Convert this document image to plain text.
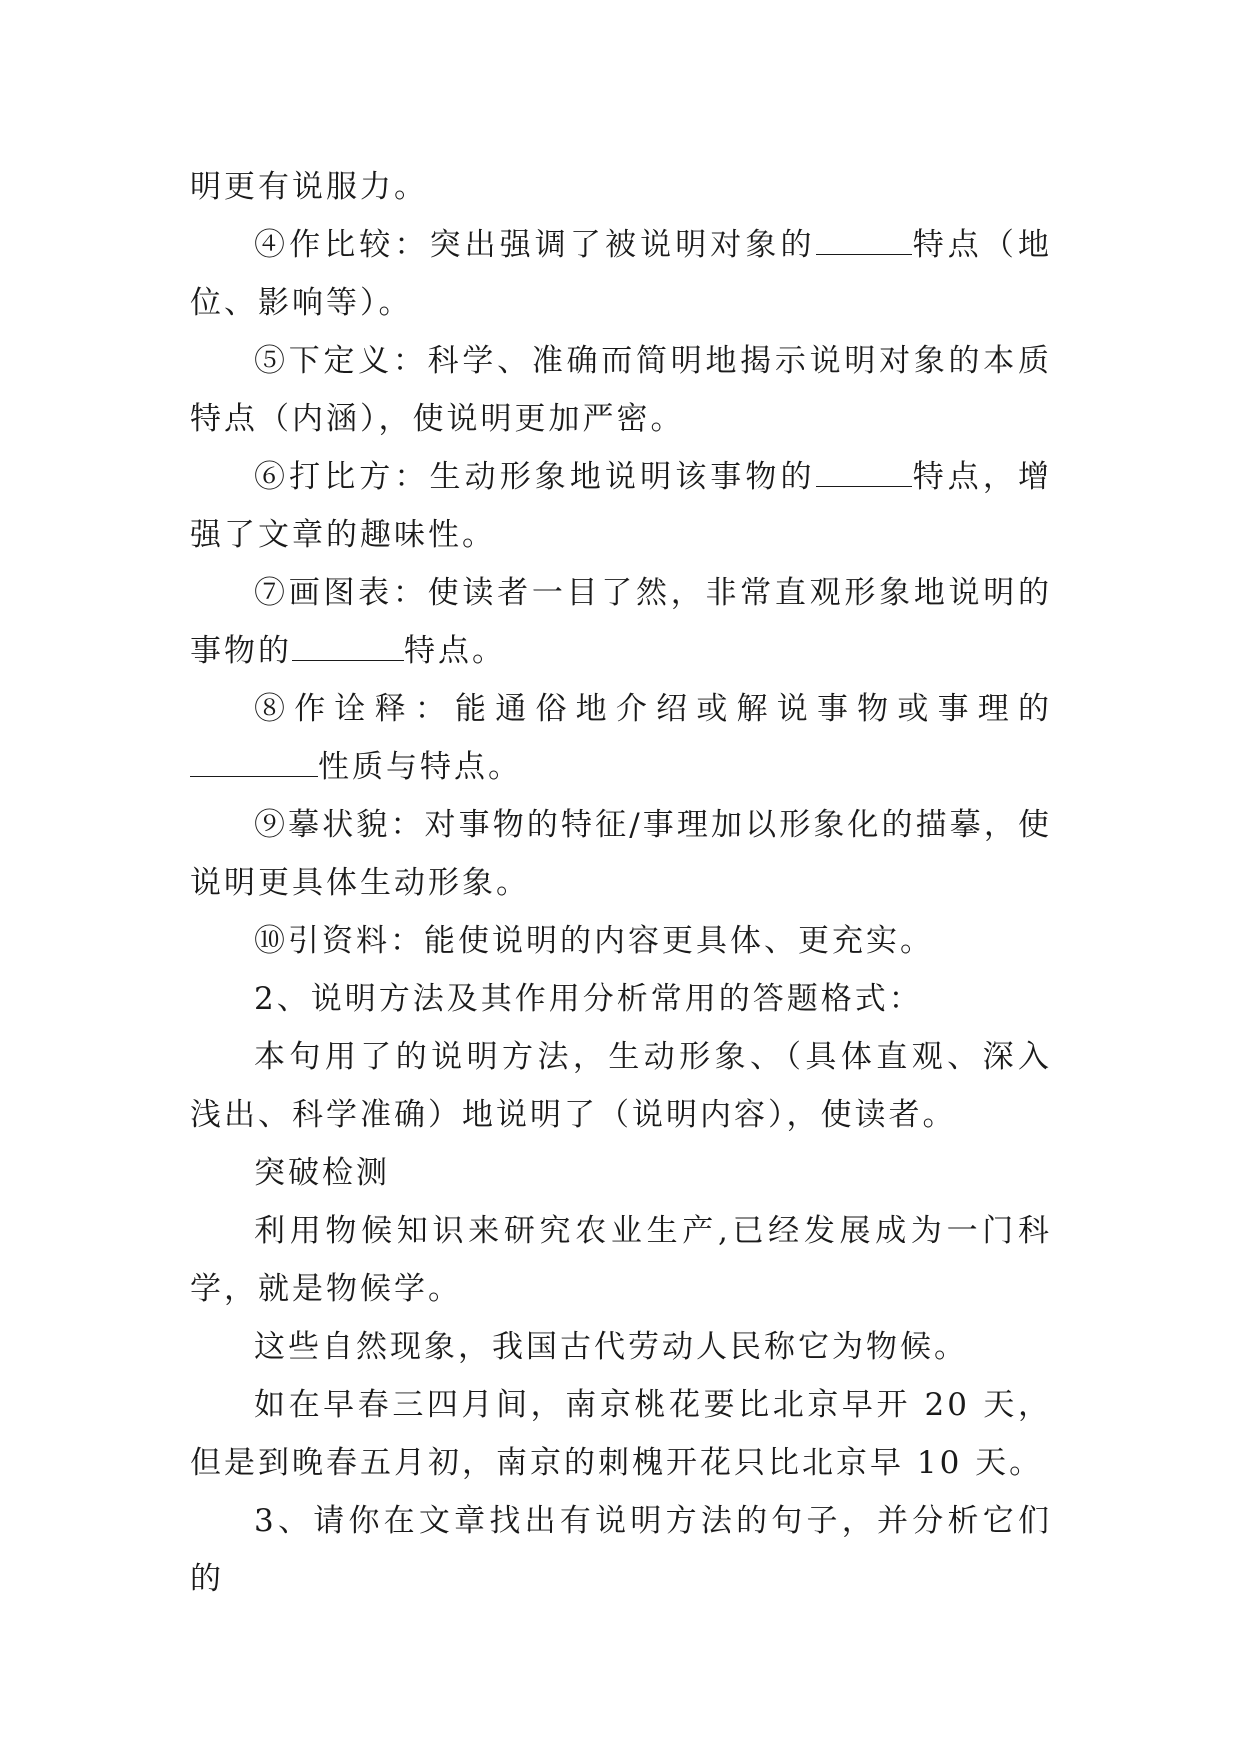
明更有说服力。

④作比较：突出强调了被说明对象的	特点（地位、影响等）。

⑤下定义：科学、准确而简明地揭示说明对象的本质特点（内涵），使说明更加严密。

⑥打比方：生动形象地说明该事物的	特点，增强了文章的趣味性。

⑦画图表：使读者一目了然，非常直观形象地说明的事物的	特点。

⑧作诠释：能通俗地介绍或解说事物或事理的性质与特点。

⑨摹状貌：对事物的特征/事理加以形象化的描摹，使说明更具体生动形象。

⑩引资料：能使说明的内容更具体、更充实。

2、说明方法及其作用分析常用的答题格式：

本句用了的说明方法，生动形象、（具体直观、深入浅出、科学准确）地说明了（说明内容），使读者。

突破检测

利用物候知识来研究农业生产,已经发展成为一门科学，就是物候学。

这些自然现象，我国古代劳动人民称它为物候。

如在早春三四月间，南京桃花要比北京早开 20 天，但是到晚春五月初，南京的刺槐开花只比北京早 10 天。

3、请你在文章找出有说明方法的句子，并分析它们的
